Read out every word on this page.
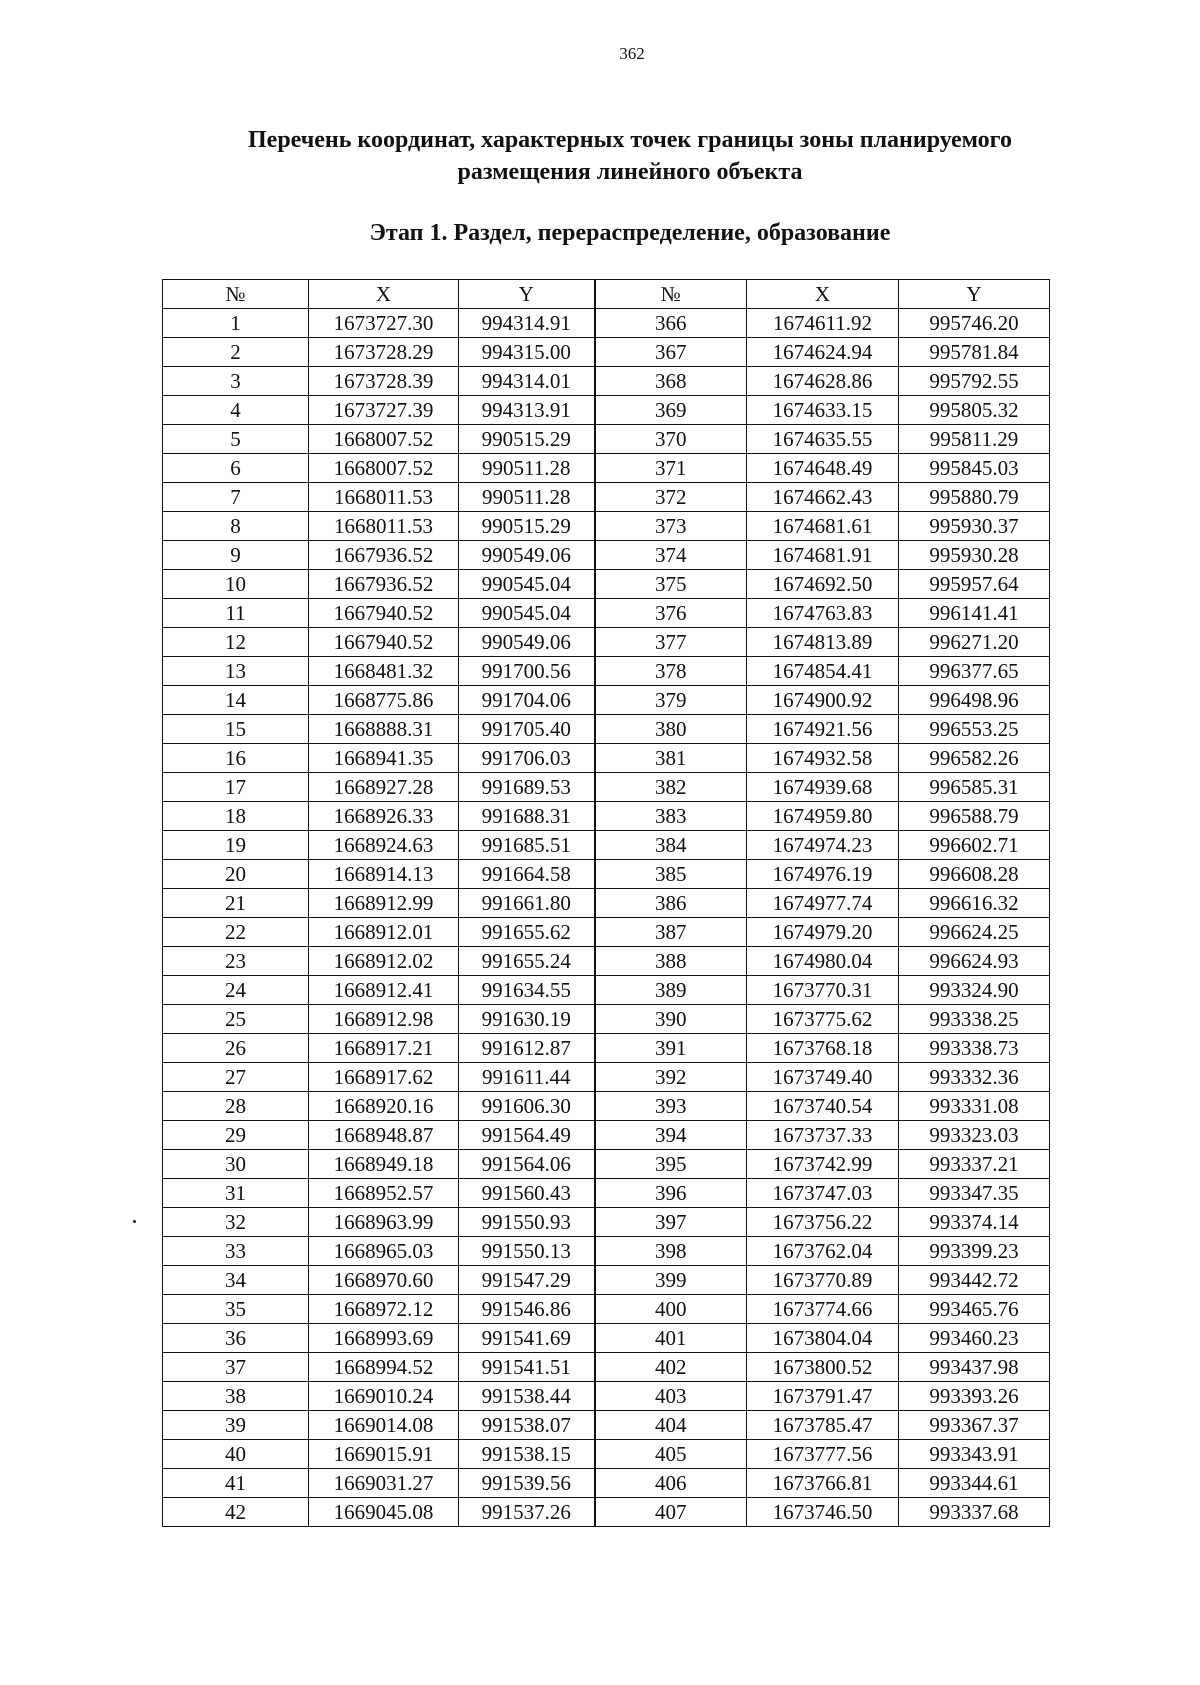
362
Перечень координат, характерных точек границы зоны планируемого
размещения линейного объекта
Этап 1. Раздел, перераспределение, образование
№	X	Y	№	X	Y
1	1673727.30	994314.91	366	1674611.92	995746.20
2	1673728.29	994315.00	367	1674624.94	995781.84
3	1673728.39	994314.01	368	1674628.86	995792.55
4	1673727.39	994313.91	369	1674633.15	995805.32
5	1668007.52	990515.29	370	1674635.55	995811.29
6	1668007.52	990511.28	371	1674648.49	995845.03
7	1668011.53	990511.28	372	1674662.43	995880.79
8	1668011.53	990515.29	373	1674681.61	995930.37
9	1667936.52	990549.06	374	1674681.91	995930.28
10	1667936.52	990545.04	375	1674692.50	995957.64
11	1667940.52	990545.04	376	1674763.83	996141.41
12	1667940.52	990549.06	377	1674813.89	996271.20
13	1668481.32	991700.56	378	1674854.41	996377.65
14	1668775.86	991704.06	379	1674900.92	996498.96
15	1668888.31	991705.40	380	1674921.56	996553.25
16	1668941.35	991706.03	381	1674932.58	996582.26
17	1668927.28	991689.53	382	1674939.68	996585.31
18	1668926.33	991688.31	383	1674959.80	996588.79
19	1668924.63	991685.51	384	1674974.23	996602.71
20	1668914.13	991664.58	385	1674976.19	996608.28
21	1668912.99	991661.80	386	1674977.74	996616.32
22	1668912.01	991655.62	387	1674979.20	996624.25
23	1668912.02	991655.24	388	1674980.04	996624.93
24	1668912.41	991634.55	389	1673770.31	993324.90
25	1668912.98	991630.19	390	1673775.62	993338.25
26	1668917.21	991612.87	391	1673768.18	993338.73
27	1668917.62	991611.44	392	1673749.40	993332.36
28	1668920.16	991606.30	393	1673740.54	993331.08
29	1668948.87	991564.49	394	1673737.33	993323.03
30	1668949.18	991564.06	395	1673742.99	993337.21
31	1668952.57	991560.43	396	1673747.03	993347.35
32	1668963.99	991550.93	397	1673756.22	993374.14
33	1668965.03	991550.13	398	1673762.04	993399.23
34	1668970.60	991547.29	399	1673770.89	993442.72
35	1668972.12	991546.86	400	1673774.66	993465.76
36	1668993.69	991541.69	401	1673804.04	993460.23
37	1668994.52	991541.51	402	1673800.52	993437.98
38	1669010.24	991538.44	403	1673791.47	993393.26
39	1669014.08	991538.07	404	1673785.47	993367.37
40	1669015.91	991538.15	405	1673777.56	993343.91
41	1669031.27	991539.56	406	1673766.81	993344.61
42	1669045.08	991537.26	407	1673746.50	993337.68
